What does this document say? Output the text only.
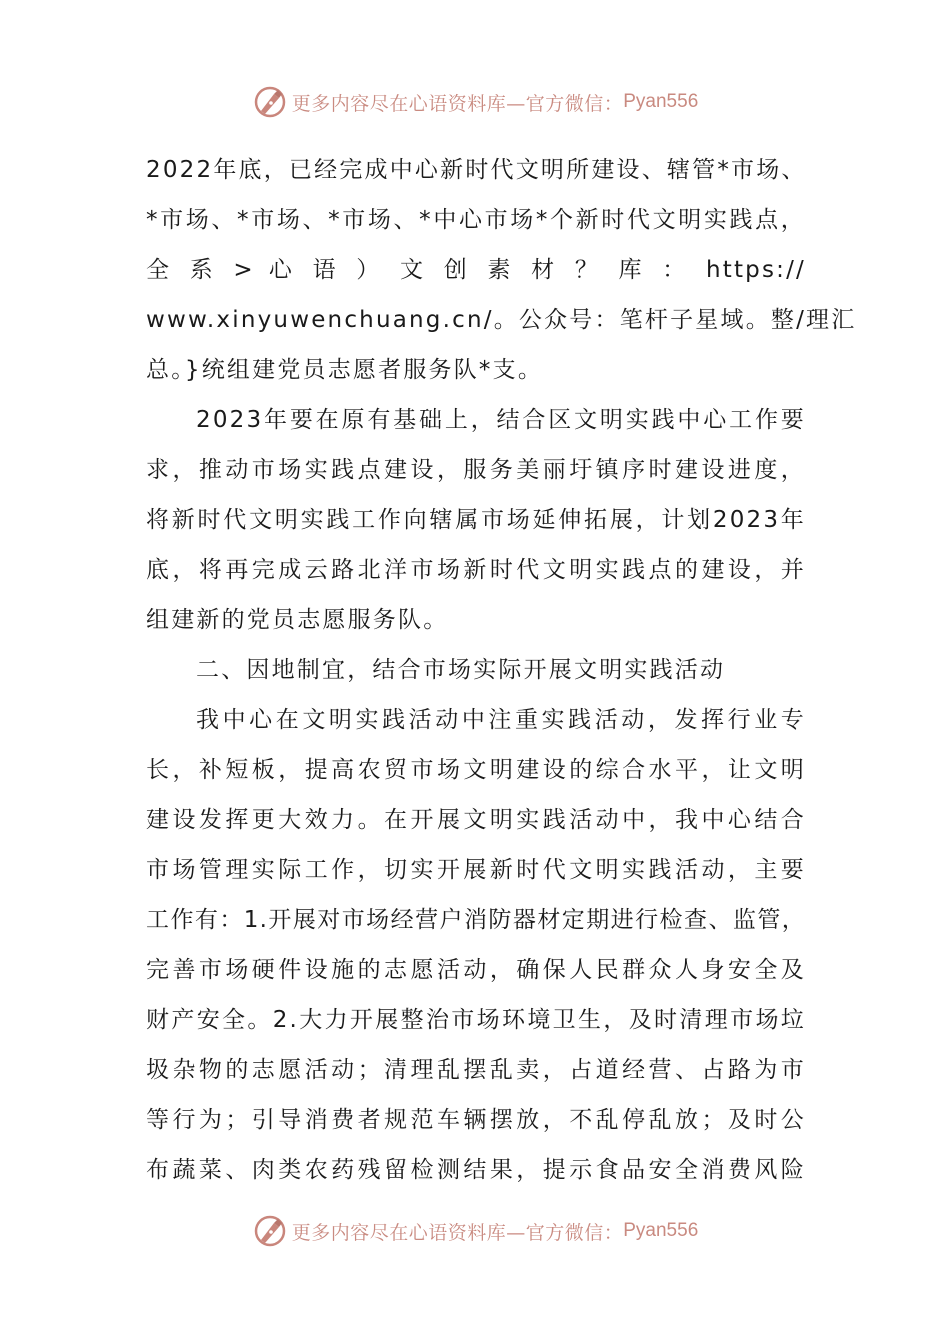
更多内容尽在心语资料库—官方微信： Pyan556
2022年底，已经完成中心新时代文明所建设、辖管*市场、
*市场、*市场、*市场、*中心市场*个新时代文明实践点，
全 系 > 心 语 ） 文 创 素 材 ？ 库 ： https://
www.xinyuwenchuang.cn/。公众号：笔杆子星域。整/理汇
总。}统组建党员志愿者服务队*支。
2023年要在原有基础上，结合区文明实践中心工作要
求，推动市场实践点建设，服务美丽圩镇序时建设进度，
将新时代文明实践工作向辖属市场延伸拓展，计划2023年
底，将再完成云路北洋市场新时代文明实践点的建设，并
组建新的党员志愿服务队。
二、因地制宜，结合市场实际开展文明实践活动
我中心在文明实践活动中注重实践活动，发挥行业专
长，补短板，提高农贸市场文明建设的综合水平，让文明
建设发挥更大效力。在开展文明实践活动中，我中心结合
市场管理实际工作，切实开展新时代文明实践活动，主要
工作有：1.开展对市场经营户消防器材定期进行检查、监管，
完善市场硬件设施的志愿活动，确保人民群众人身安全及
财产安全。2.大力开展整治市场环境卫生，及时清理市场垃
圾杂物的志愿活动；清理乱摆乱卖，占道经营、占路为市
等行为；引导消费者规范车辆摆放，不乱停乱放；及时公
布蔬菜、肉类农药残留检测结果，提示食品安全消费风险
更多内容尽在心语资料库—官方微信： Pyan556
